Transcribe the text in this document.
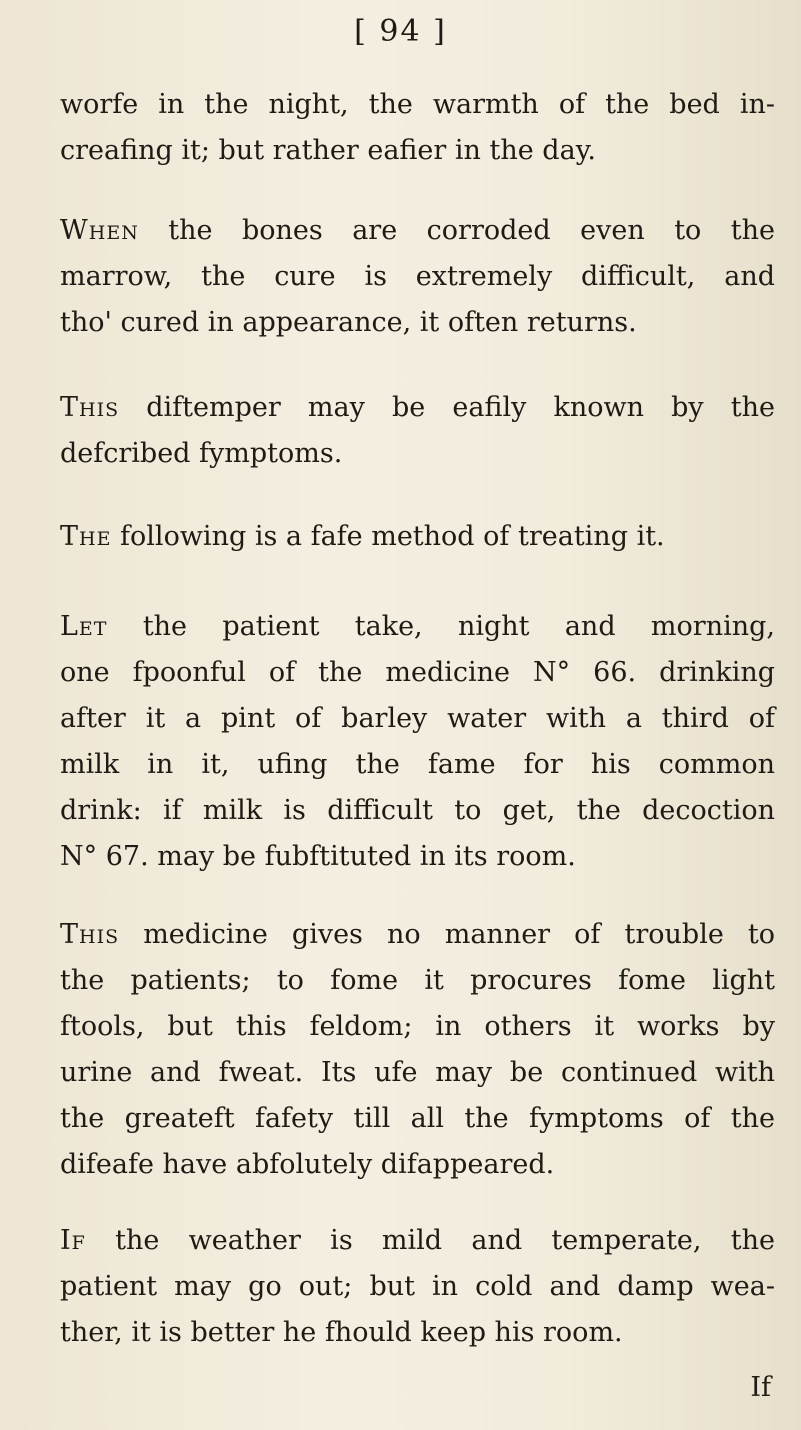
[ 94 ]

worfe in the night, the warmth of the bed in-
creafing it; but rather eafier in the day.

When the bones are corroded even to the
marrow, the cure is extremely difficult, and
tho' cured in appearance, it often returns.

This diftemper may be eafily known by the
defcribed fymptoms.

The following is a fafe method of treating it.

Let the patient take, night and morning,
one fpoonful of the medicine N° 66. drinking
after it a pint of barley water with a third of
milk in it, ufing the fame for his common
drink: if milk is difficult to get, the decoction
N° 67. may be fubftituted in its room.

This medicine gives no manner of trouble to
the patients; to fome it procures fome light
ftools, but this feldom; in others it works by
urine and fweat. Its ufe may be continued with
the greateft fafety till all the fymptoms of the
difeafe have abfolutely difappeared.

If the weather is mild and temperate, the
patient may go out; but in cold and damp wea-
ther, it is better he fhould keep his room.

If
